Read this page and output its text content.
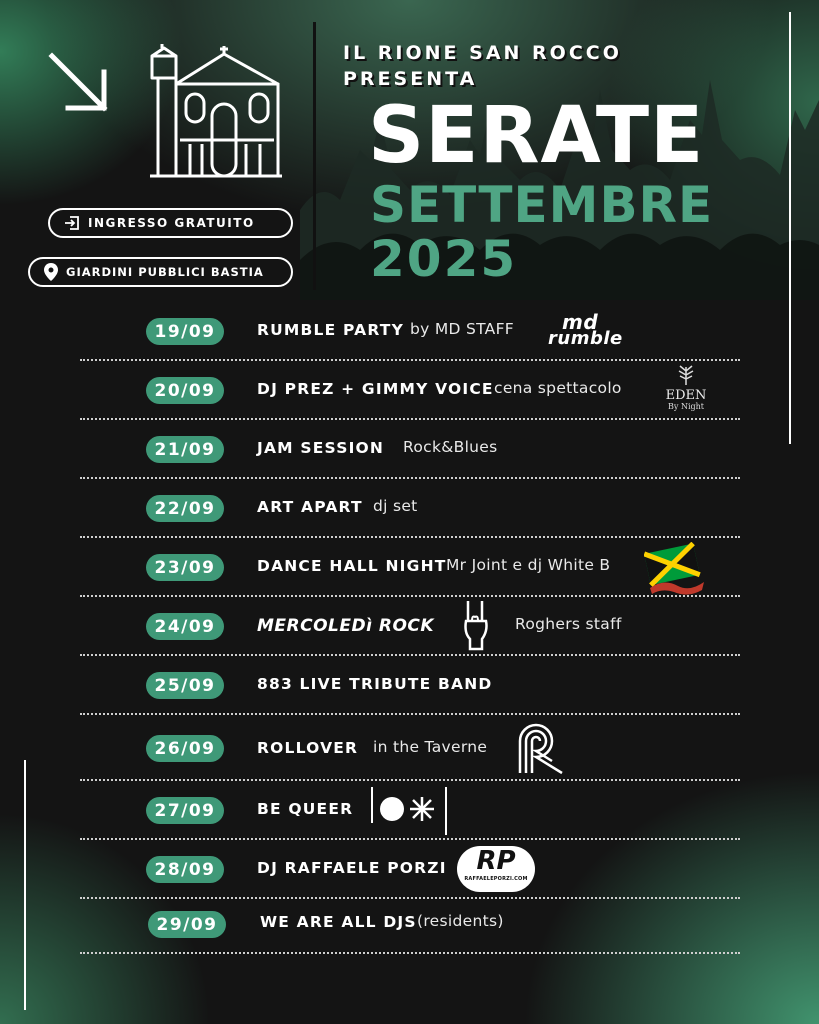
IL RIONE SAN ROCCO
PRESENTA
SERATE
SETTEMBRE
2025
INGRESSO GRATUITO
GIARDINI PUBBLICI BASTIA
19/09	RUMBLE PARTY by MD STAFF md
rumble
20/09	DJ PREZ + GIMMY VOICE cena spettacolo	EDEN
By Night
21/09	JAM SESSION Rock&Blues
22/09	ART APART dj set
23/09	DANCE HALL NIGHT Mr Joint e dj White B
24/09	MERCOLEDì ROCK	Roghers staff
25/09	883 LIVE TRIBUTE BAND
26/09	ROLLOVER in the Taverne
27/09	BE QUEER
28/09	DJ RAFFAELE PORZI	RP
RAFFAELEPORZI.COM
29/09	WE ARE ALL DJS (residents)
